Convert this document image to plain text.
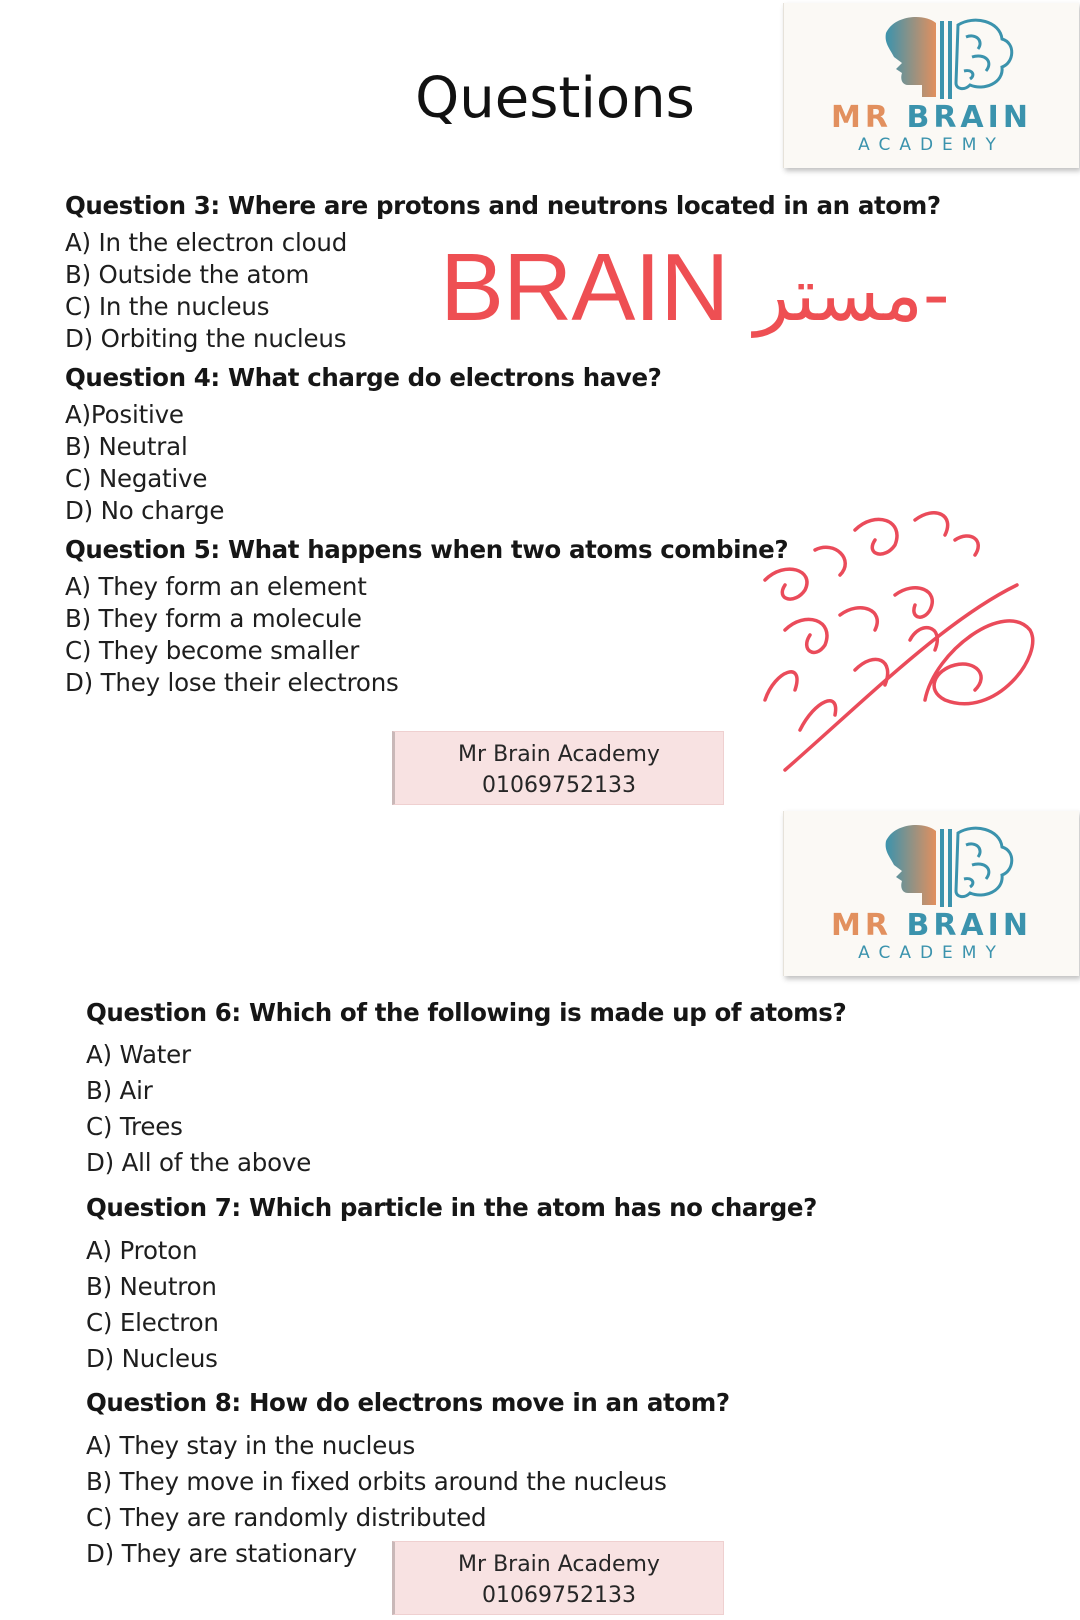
Questions	MR BRAIN
ACADEMY
MR BRAIN
ACADEMY
BRAIN مستر-
Question 3: Where are protons and neutrons located in an atom?
A) In the electron cloud
B) Outside the atom
C) In the nucleus
D) Orbiting the nucleus
Question 4: What charge do electrons have?
A)Positive
B) Neutral
C) Negative
D) No charge
Question 5: What happens when two atoms combine?
A) They form an element
B) They form a molecule
C) They become smaller
D) They lose their electrons
Mr Brain Academy
01069752133
Question 6: Which of the following is made up of atoms?
A) Water
B) Air
C) Trees
D) All of the above
Question 7: Which particle in the atom has no charge?
A) Proton
B) Neutron
C) Electron
D) Nucleus
Question 8: How do electrons move in an atom?
A) They stay in the nucleus
B) They move in fixed orbits around the nucleus
C) They are randomly distributed
D) They are stationary	Mr Brain Academy
01069752133
